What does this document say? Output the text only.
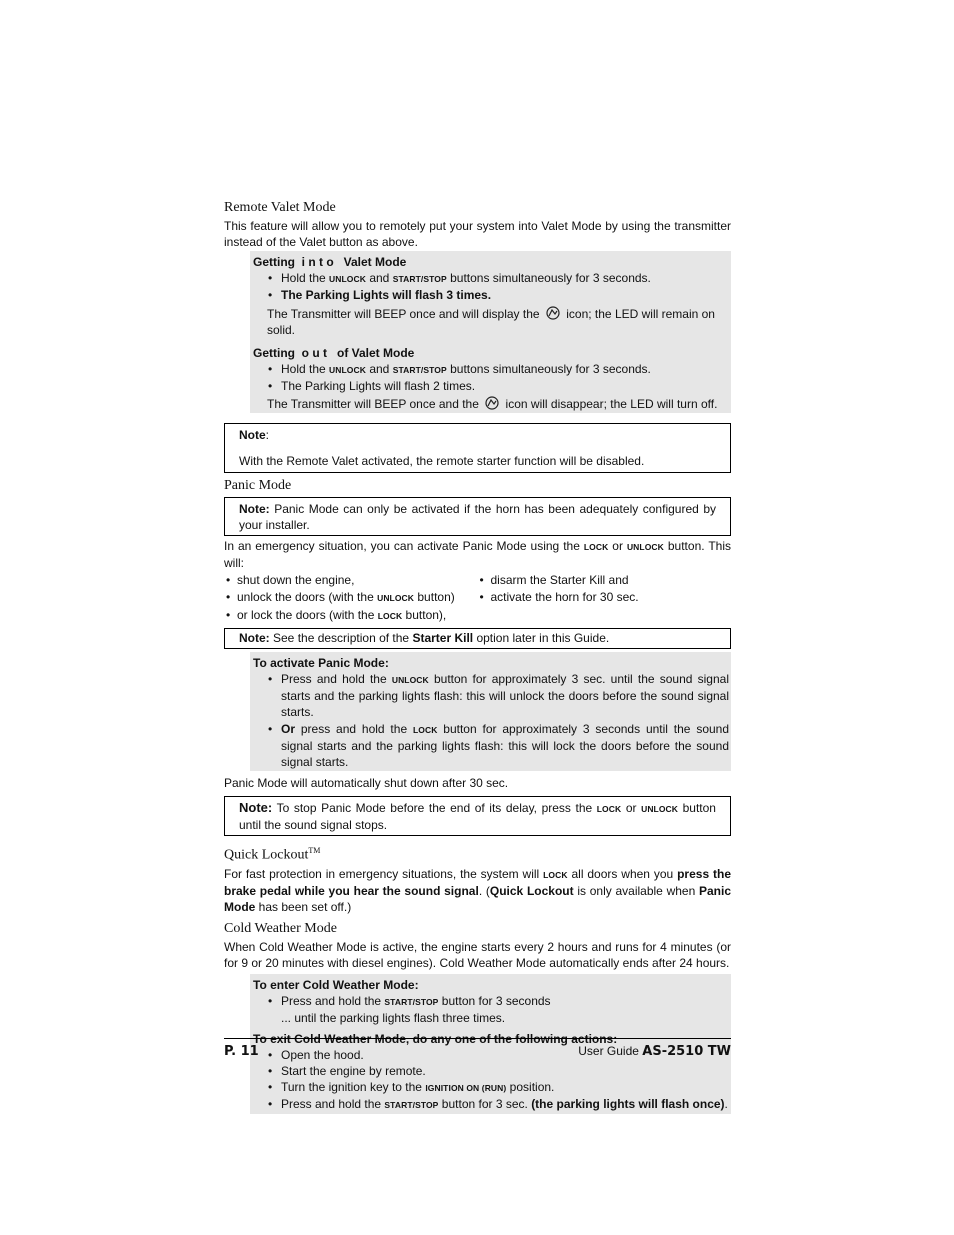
Remote Valet Mode

This feature will allow you to remotely put your system into Valet Mode by using the transmitter instead of the Valet button as above.

Getting  i n t o   Valet Mode
• Hold the UNLOCK and START/STOP buttons simultaneously for 3 seconds.
• The Parking Lights will flash 3 times.
The Transmitter will BEEP once and will display the  icon; the LED will remain on solid.
Getting  o u t   of Valet Mode
• Hold the UNLOCK and START/STOP buttons simultaneously for 3 seconds.
• The Parking Lights will flash 2 times.
The Transmitter will BEEP once and the  icon will disappear; the LED will turn off.
Note:
With the Remote Valet activated, the remote starter function will be disabled.
Panic Mode

Note: Panic Mode can only be activated if the horn has been adequately configured by your installer.

In an emergency situation, you can activate Panic Mode using the LOCK or UNLOCK button. This will:

• shut down the engine,
• unlock the doors (with the UNLOCK button)
• or lock the doors (with the LOCK button),
• disarm the Starter Kill and
• activate the horn for 30 sec.
Note: See the description of the Starter Kill option later in this Guide.
To activate Panic Mode:
• Press and hold the UNLOCK button for approximately 3 sec. until the sound signal starts and the parking lights flash: this will unlock the doors before the sound signal starts.
• Or press and hold the LOCK button for approximately 3 seconds until the sound signal starts and the parking lights flash: this will lock the doors before the sound signal starts.

Panic Mode will automatically shut down after 30 sec.

Note: To stop Panic Mode before the end of its delay, press the LOCK or UNLOCK button until the sound signal stops.

Quick Lockout™

For fast protection in emergency situations, the system will LOCK all doors when you press the brake pedal while you hear the sound signal. (Quick Lockout is only available when Panic Mode has been set off.)

Cold Weather Mode

When Cold Weather Mode is active, the engine starts every 2 hours and runs for 4 minutes (or for 9 or 20 minutes with diesel engines). Cold Weather Mode automatically ends after 24 hours.

To enter Cold Weather Mode:
• Press and hold the START/STOP button for 3 seconds
... until the parking lights flash three times.
To exit Cold Weather Mode, do any one of the following actions:
• Open the hood.
• Start the engine by remote.
• Turn the ignition key to the IGNITION ON (RUN) position.
• Press and hold the START/STOP button for 3 sec. (the parking lights will flash once).
P. 11	User Guide AS-2510 TW
